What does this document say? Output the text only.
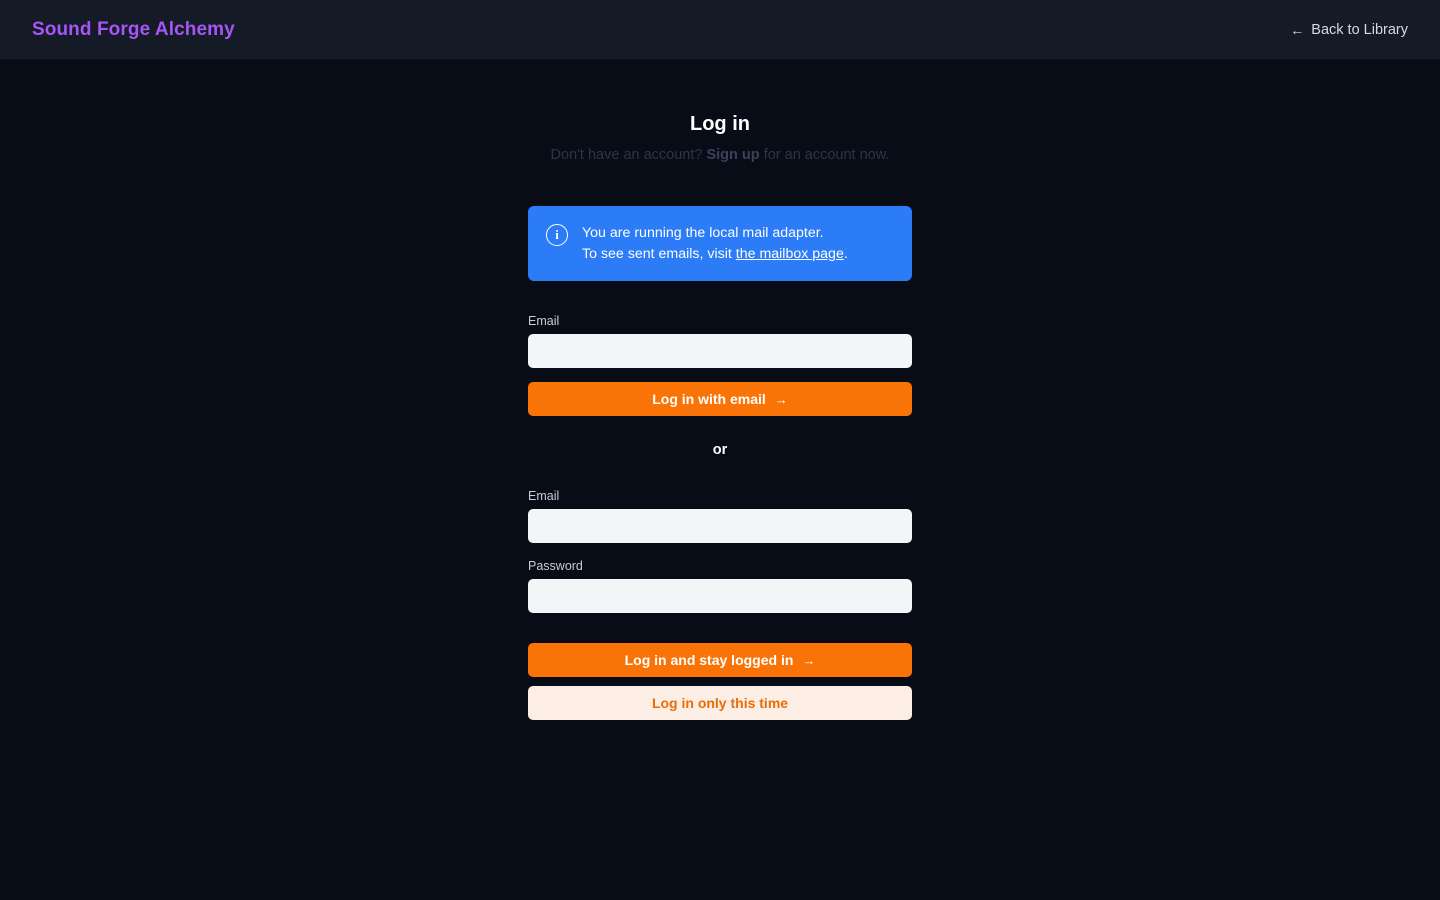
Sound Forge Alchemy	← Back to Library
Log in
Don't have an account? Sign up for an account now.
i	You are running the local mail adapter.
To see sent emails, visit the mailbox page.
Email
Log in with email →
or
Email
Password
Log in and stay logged in →
Log in only this time
